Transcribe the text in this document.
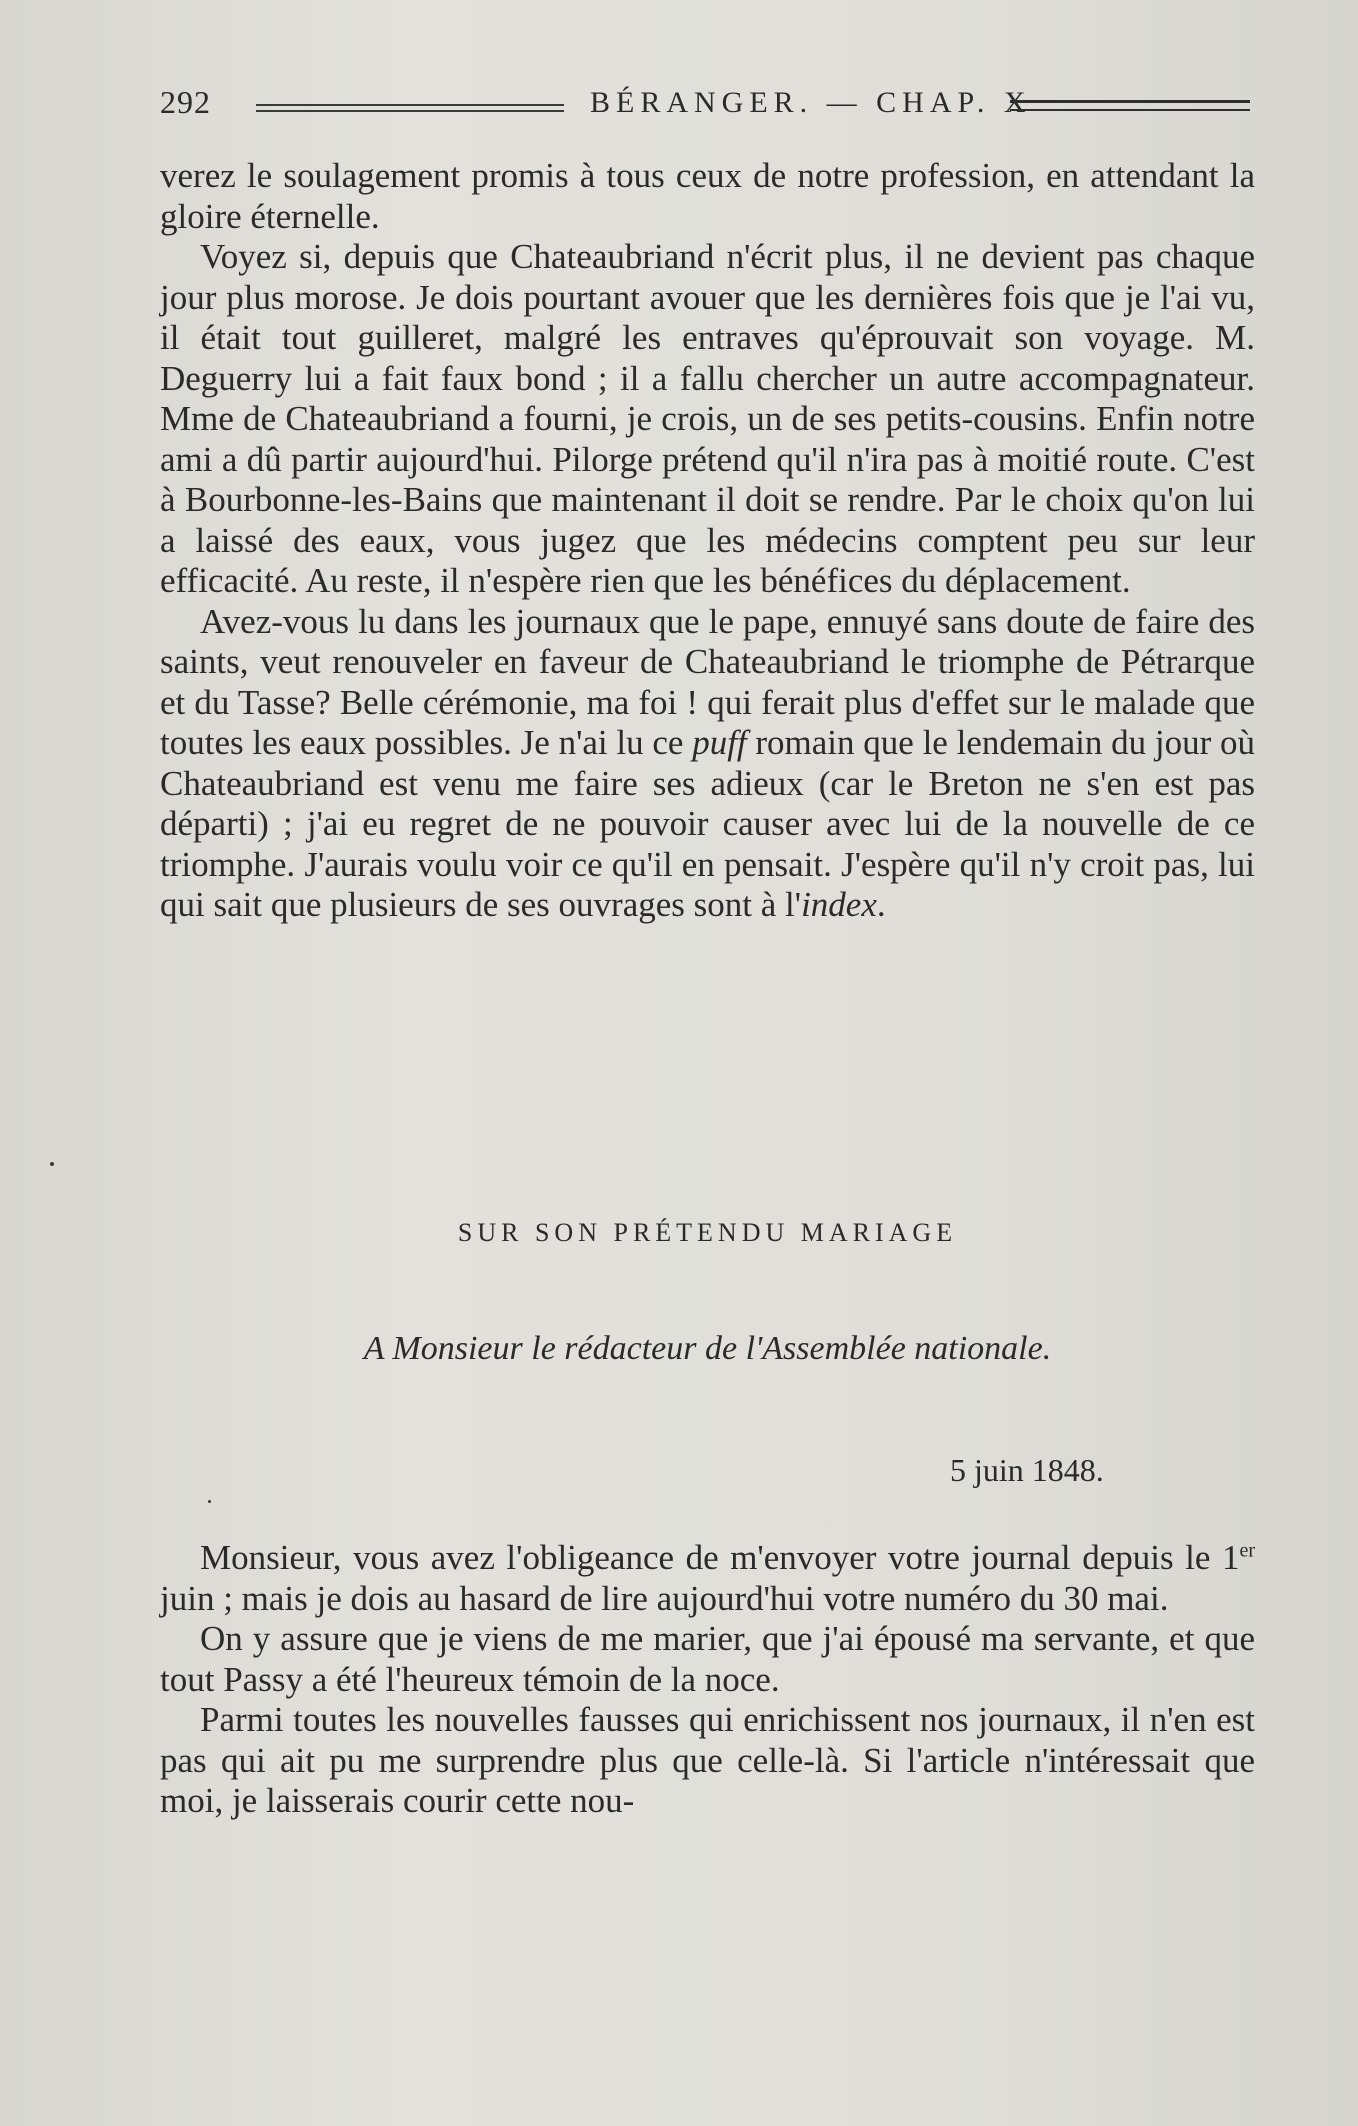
292	BÉRANGER. — CHAP. X

verez le soulagement promis à tous ceux de notre profession, en attendant la gloire éternelle.

Voyez si, depuis que Chateaubriand n'écrit plus, il ne devient pas chaque jour plus morose. Je dois pourtant avouer que les dernières fois que je l'ai vu, il était tout guilleret, malgré les entraves qu'éprouvait son voyage. M. Deguerry lui a fait faux bond ; il a fallu chercher un autre accompagnateur. Mme de Chateaubriand a fourni, je crois, un de ses petits-cousins. Enfin notre ami a dû partir aujourd'hui. Pilorge prétend qu'il n'ira pas à moitié route. C'est à Bourbonne-les-Bains que maintenant il doit se rendre. Par le choix qu'on lui a laissé des eaux, vous jugez que les médecins comptent peu sur leur efficacité. Au reste, il n'espère rien que les bénéfices du déplacement.

Avez-vous lu dans les journaux que le pape, ennuyé sans doute de faire des saints, veut renouveler en faveur de Chateaubriand le triomphe de Pétrarque et du Tasse? Belle cérémonie, ma foi ! qui ferait plus d'effet sur le malade que toutes les eaux possibles. Je n'ai lu ce puff romain que le lendemain du jour où Chateaubriand est venu me faire ses adieux (car le Breton ne s'en est pas départi) ; j'ai eu regret de ne pouvoir causer avec lui de la nouvelle de ce triomphe. J'aurais voulu voir ce qu'il en pensait. J'espère qu'il n'y croit pas, lui qui sait que plusieurs de ses ouvrages sont à l'index.

SUR SON PRÉTENDU MARIAGE
A Monsieur le rédacteur de l'Assemblée nationale.
5 juin 1848.

Monsieur, vous avez l'obligeance de m'envoyer votre journal depuis le 1er juin ; mais je dois au hasard de lire aujourd'hui votre numéro du 30 mai.

On y assure que je viens de me marier, que j'ai épousé ma servante, et que tout Passy a été l'heureux témoin de la noce.

Parmi toutes les nouvelles fausses qui enrichissent nos journaux, il n'en est pas qui ait pu me surprendre plus que celle-là. Si l'article n'intéressait que moi, je laisserais courir cette nou-
